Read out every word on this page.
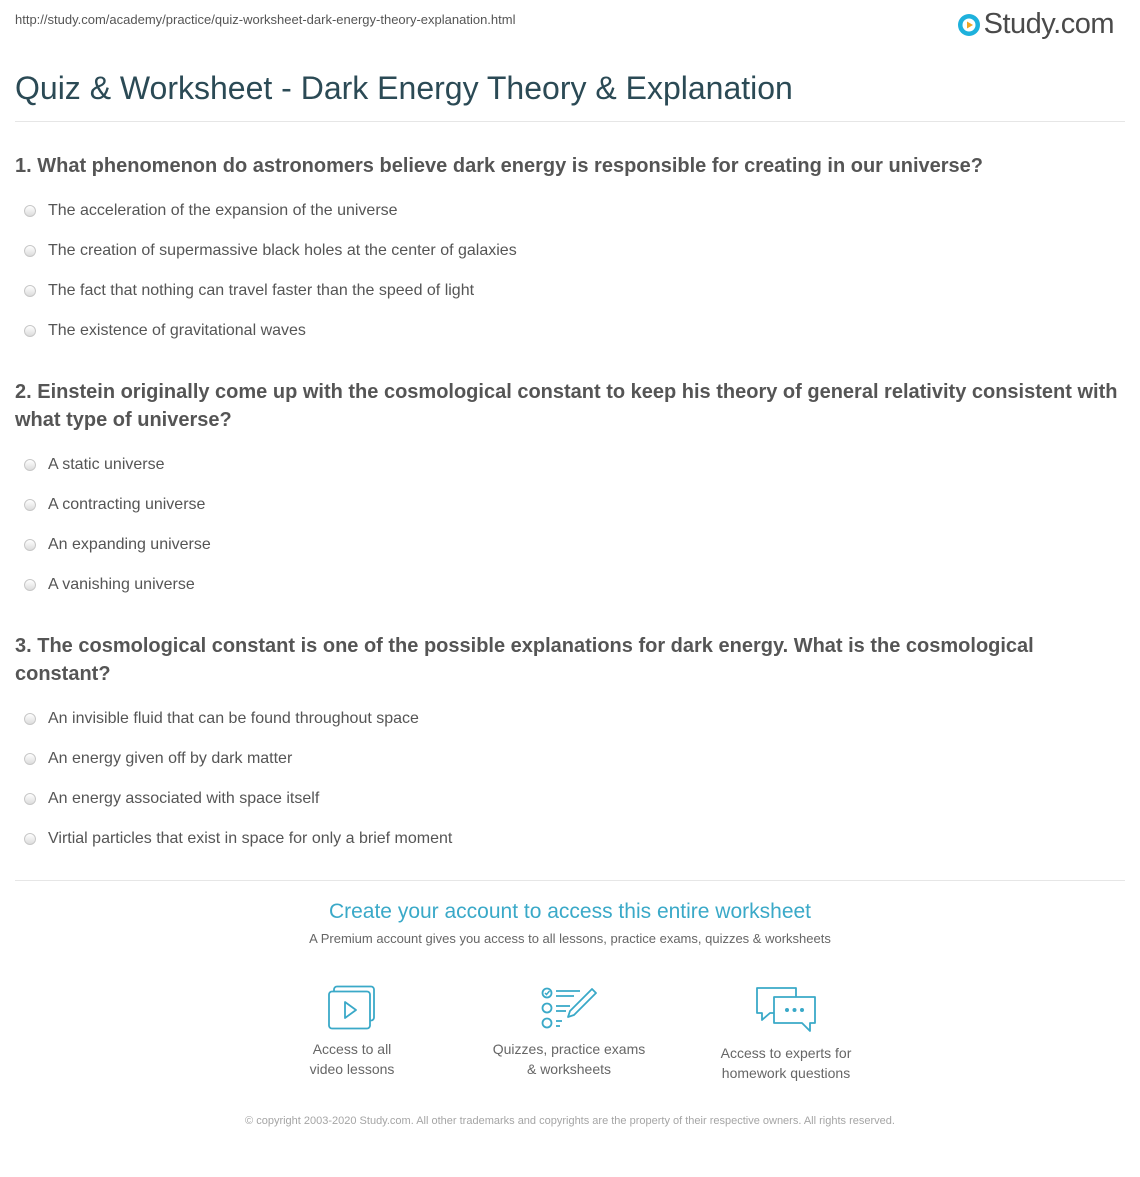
http://study.com/academy/practice/quiz-worksheet-dark-energy-theory-explanation.html	Study.com
Quiz & Worksheet - Dark Energy Theory & Explanation
1. What phenomenon do astronomers believe dark energy is responsible for creating in our universe?
The acceleration of the expansion of the universe
The creation of supermassive black holes at the center of galaxies
The fact that nothing can travel faster than the speed of light
The existence of gravitational waves
2. Einstein originally come up with the cosmological constant to keep his theory of general relativity consistent with what type of universe?
A static universe
A contracting universe
An expanding universe
A vanishing universe
3. The cosmological constant is one of the possible explanations for dark energy. What is the cosmological constant?
An invisible fluid that can be found throughout space
An energy given off by dark matter
An energy associated with space itself
Virtial particles that exist in space for only a brief moment

Create your account to access this entire worksheet

A Premium account gives you access to all lessons, practice exams, quizzes & worksheets
Access to all
video lessons
Quizzes, practice exams
& worksheets
Access to experts for
homework questions
© copyright 2003-2020 Study.com. All other trademarks and copyrights are the property of their respective owners. All rights reserved.
